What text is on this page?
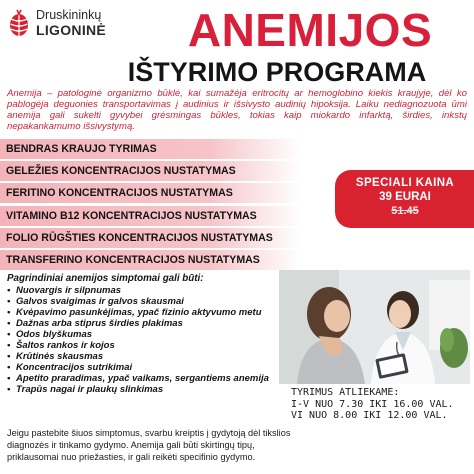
Druskininkų
LIGONINĖ	ANEMIJOS
IŠTYRIMO PROGRAMA

Anemija – patologinė organizmo būklė, kai sumažėja eritrocitų ar hemoglobino kiekis kraujyje, dėl ko pablogėja deguonies transportavimas į audinius ir išsivysto audinių hipoksija. Laiku nediagnozuota ūmi anemija gali sukelti gyvybei grėsmingas būkles, tokias kaip miokardo infarktą, širdies, inkstų nepakankamumo išsivystymą.

BENDRAS KRAUJO TYRIMAS
GELEŽIES KONCENTRACIJOS NUSTATYMAS
FERITINO KONCENTRACIJOS NUSTATYMAS
VITAMINO B12 KONCENTRACIJOS NUSTATYMAS
FOLIO RŪGŠTIES KONCENTRACIJOS NUSTATYMAS
TRANSFERINO KONCENTRACIJOS NUSTATYMAS
SPECIALI KAINA
39 EURAI
51.45
Pagrindiniai anemijos simptomai gali būti:
• Nuovargis ir silpnumas
• Galvos svaigimas ir galvos skausmai
• Kvėpavimo pasunkėjimas, ypač fizinio aktyvumo metu
• Dažnas arba stiprus širdies plakimas
• Odos blyškumas
• Šaltos rankos ir kojos
• Krūtinės skausmas
• Koncentracijos sutrikimai
• Apetito praradimas, ypač vaikams, sergantiems anemija
• Trapūs nagai ir plaukų slinkimas	TYRIMUS ATLIEKAME:
I-V NUO 7.30 IKI 16.00 VAL.
VI NUO 8.00 IKI 12.00 VAL.

Jeigu pastebite šiuos simptomus, svarbu kreiptis į gydytoją dėl tikslios diagnozės ir tinkamo gydymo. Anemija gali būti skirtingų tipų, priklausomai nuo priežasties, ir gali reikėti specifinio gydymo.
